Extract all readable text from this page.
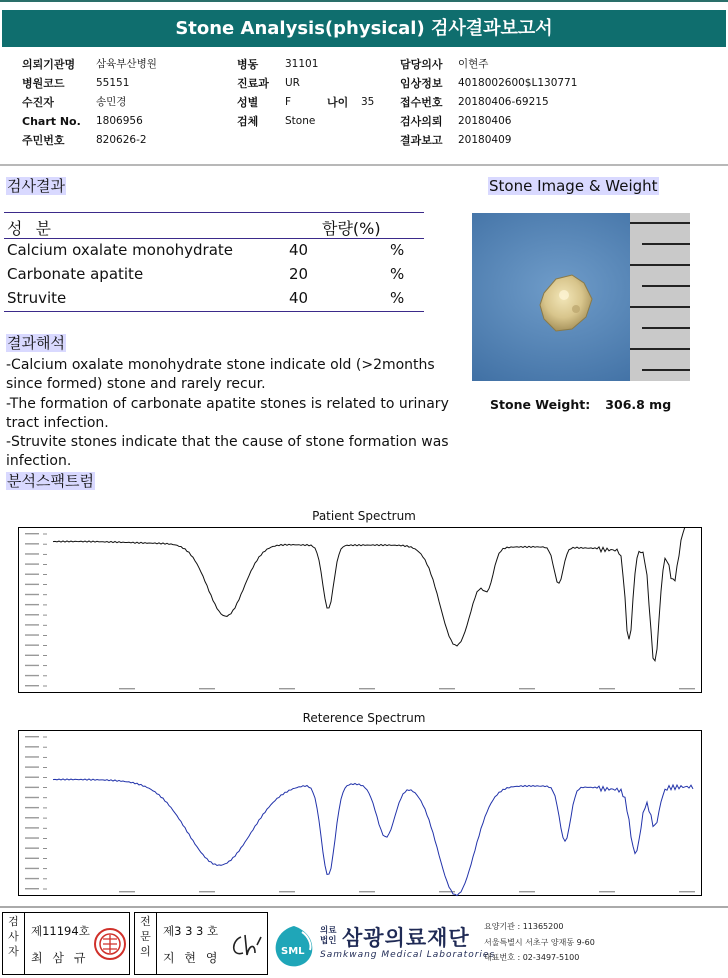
Stone Analysis(physical) 검사결과보고서
의뢰기관명	삼육부산병원
병원코드	55151
수진자	송민경
Chart No.	1806956
주민번호	820626-2
병동	31101
진료과	UR
성별	F
검체	Stone
나이	35
담당의사	이현주
임상정보	4018002600$L130771
접수번호	20180406-69215
검사의뢰	20180406
결과보고	20180409
검사결과	Stone Image & Weight
성 분	함량(%)
Calcium oxalate monohydrate	40	%
Carbonate apatite	20	%
Struvite	40	%
Stone Weight: 306.8 mg
결과해석
-Calcium oxalate monohydrate stone indicate old (>2months since formed) stone and rarely recur.
-The formation of carbonate apatite stones is related to urinary tract infection.
-Struvite stones indicate that the cause of stone formation was infection.
분석스팩트럼
Patient Spectrum
Reterence Spectrum
검
사
자
제11194호
최 삼 규
전
문
의
제3 3 3 호
지 현 영	SML
의료
법인 삼광의료재단
Samkwang Medical Laboratories
요양기관 : 11365200
서울특별시 서초구 양재동 9-60
대표번호 : 02-3497-5100
